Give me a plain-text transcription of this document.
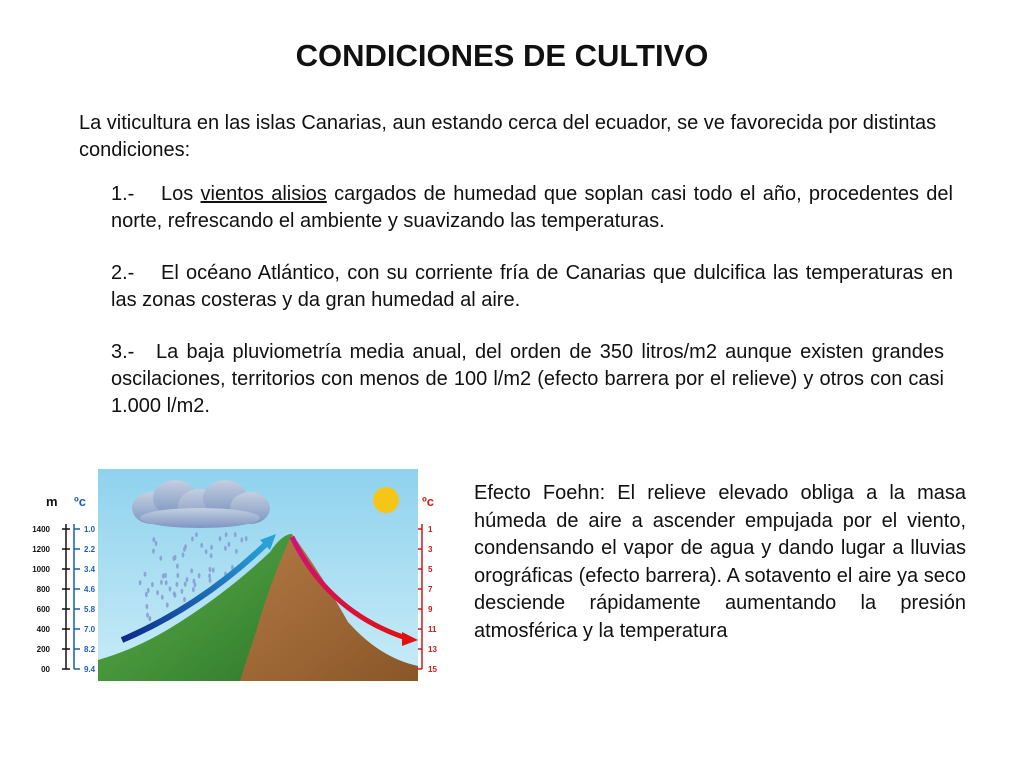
CONDICIONES DE CULTIVO
La viticultura en las islas Canarias, aun estando cerca del ecuador, se ve favorecida por distintas condiciones:
1.- Los vientos alisios cargados de humedad que soplan casi todo el año, procedentes del norte, refrescando el ambiente y suavizando las temperaturas.
2.- El océano Atlántico, con su corriente fría de Canarias que dulcifica las temperaturas en las zonas costeras y da gran humedad al aire.
3.- La baja pluviometría media anual, del orden de 350 litros/m2 aunque existen grandes oscilaciones, territorios con menos de 100 l/m2 (efecto barrera por el relieve) y otros con casi 1.000 l/m2.
1400
1200
1000
800
600
400
200
00
1.0
2.2
3.4
4.6
5.8
7.0
8.2
9.4
1
3
5
7
9
11
13
15
m ºc	ºc Efecto Foehn: El relieve elevado obliga a la masa húmeda de aire a ascender empujada por el viento, condensando el vapor de agua y dando lugar a lluvias orográficas (efecto barrera). A sotavento el aire ya seco desciende rápidamente aumentando la presión atmosférica y la temperatura
